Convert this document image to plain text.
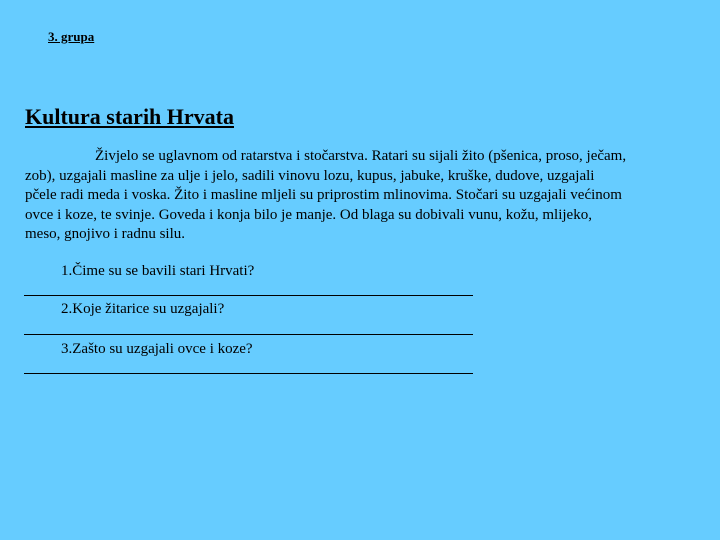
3. grupa
Kultura starih Hrvata
Živjelo se uglavnom od ratarstva i stočarstva. Ratari su sijali žito (pšenica, proso, ječam,
zob), uzgajali masline za ulje i jelo, sadili vinovu lozu, kupus, jabuke, kruške, dudove, uzgajali
pčele radi meda i voska. Žito i masline mljeli su priprostim mlinovima. Stočari su uzgajali većinom
ovce i koze, te svinje. Goveda i konja bilo je manje. Od blaga su dobivali vunu, kožu, mlijeko,
meso, gnojivo i radnu silu.
1.Čime su se bavili stari Hrvati?
2.Koje žitarice su uzgajali?
3.Zašto su uzgajali ovce i koze?
